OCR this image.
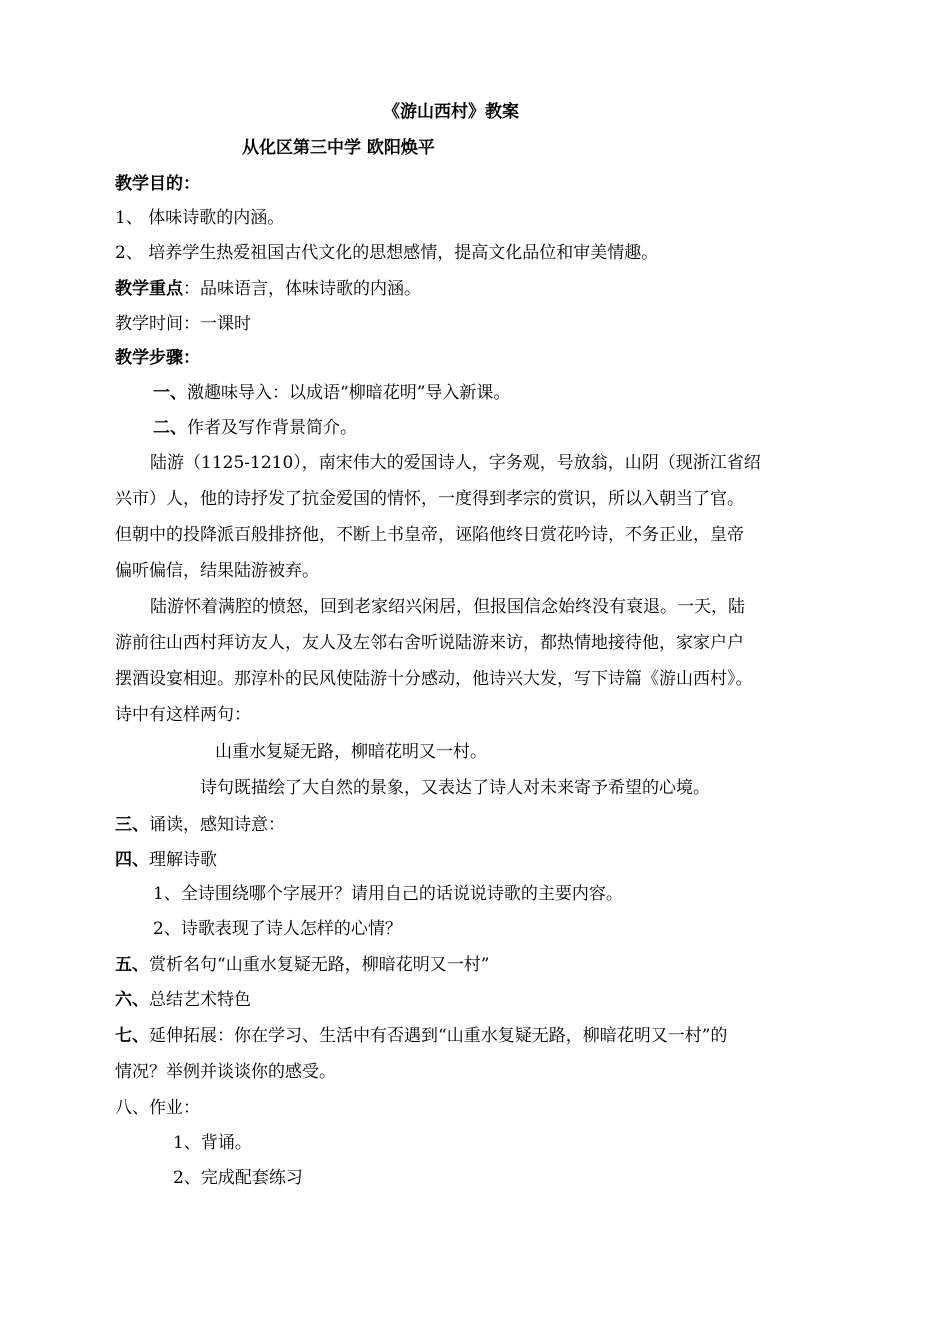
《游山西村》教案
从化区第三中学 欧阳焕平
教学目的：
1、 体味诗歌的内涵。
2、 培养学生热爱祖国古代文化的思想感情，提高文化品位和审美情趣。
教学重点：品味语言，体味诗歌的内涵。
教学时间：一课时
教学步骤：
一、激趣味导入：以成语“柳暗花明”导入新课。
二、作者及写作背景简介。
陆游（1125-1210），南宋伟大的爱国诗人，字务观，号放翁，山阴（现浙江省绍
兴市）人，他的诗抒发了抗金爱国的情怀，一度得到孝宗的赏识，所以入朝当了官。
但朝中的投降派百般排挤他，不断上书皇帝，诬陷他终日赏花吟诗，不务正业，皇帝
偏听偏信，结果陆游被弃。
陆游怀着满腔的愤怒，回到老家绍兴闲居，但报国信念始终没有衰退。一天，陆
游前往山西村拜访友人，友人及左邻右舍听说陆游来访，都热情地接待他，家家户户
摆酒设宴相迎。那淳朴的民风使陆游十分感动，他诗兴大发，写下诗篇《游山西村》。
诗中有这样两句：
山重水复疑无路，柳暗花明又一村。
诗句既描绘了大自然的景象，又表达了诗人对未来寄予希望的心境。
三、诵读，感知诗意：
四、理解诗歌
1、全诗围绕哪个字展开？请用自己的话说说诗歌的主要内容。
2、诗歌表现了诗人怎样的心情？
五、赏析名句“山重水复疑无路，柳暗花明又一村”
六、总结艺术特色
七、延伸拓展：你在学习、生活中有否遇到“山重水复疑无路，柳暗花明又一村”的
情况？举例并谈谈你的感受。
八、作业：
1、背诵。
2、完成配套练习
